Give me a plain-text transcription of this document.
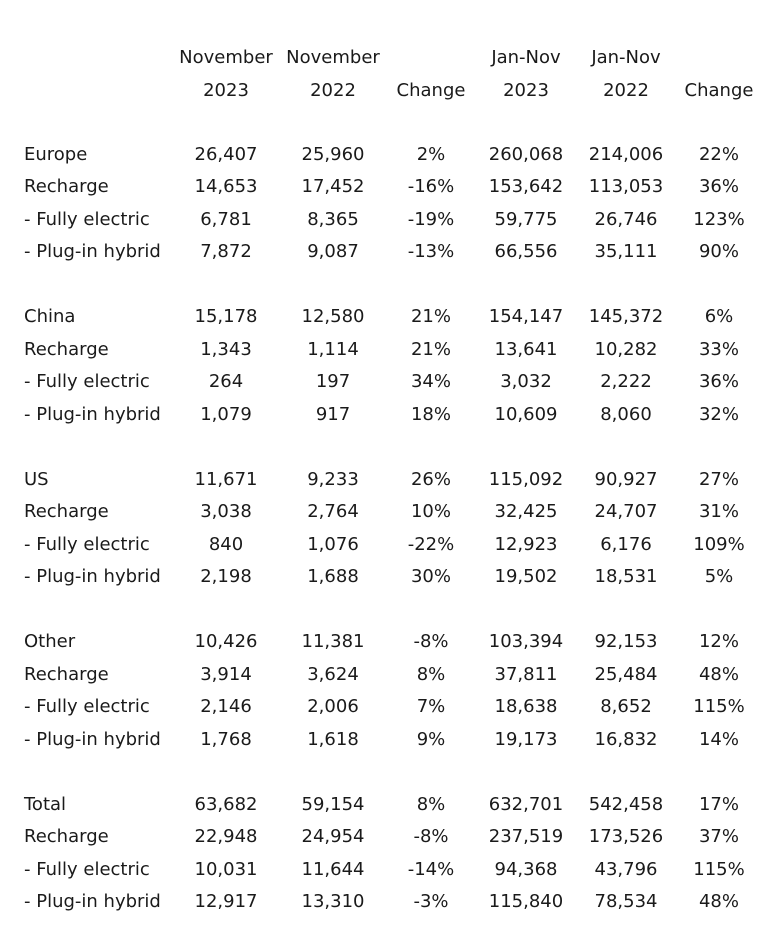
	November	November		Jan-Nov	Jan-Nov	
	2023	2022	Change	2023	2022	Change

Europe	26,407	25,960	2%	260,068	214,006	22%
Recharge	14,653	17,452	-16%	153,642	113,053	36%
- Fully electric	6,781	8,365	-19%	59,775	26,746	123%
- Plug-in hybrid	7,872	9,087	-13%	66,556	35,111	90%

China	15,178	12,580	21%	154,147	145,372	6%
Recharge	1,343	1,114	21%	13,641	10,282	33%
- Fully electric	264	197	34%	3,032	2,222	36%
- Plug-in hybrid	1,079	917	18%	10,609	8,060	32%

US	11,671	9,233	26%	115,092	90,927	27%
Recharge	3,038	2,764	10%	32,425	24,707	31%
- Fully electric	840	1,076	-22%	12,923	6,176	109%
- Plug-in hybrid	2,198	1,688	30%	19,502	18,531	5%

Other	10,426	11,381	-8%	103,394	92,153	12%
Recharge	3,914	3,624	8%	37,811	25,484	48%
- Fully electric	2,146	2,006	7%	18,638	8,652	115%
- Plug-in hybrid	1,768	1,618	9%	19,173	16,832	14%

Total	63,682	59,154	8%	632,701	542,458	17%
Recharge	22,948	24,954	-8%	237,519	173,526	37%
- Fully electric	10,031	11,644	-14%	94,368	43,796	115%
- Plug-in hybrid	12,917	13,310	-3%	115,840	78,534	48%
